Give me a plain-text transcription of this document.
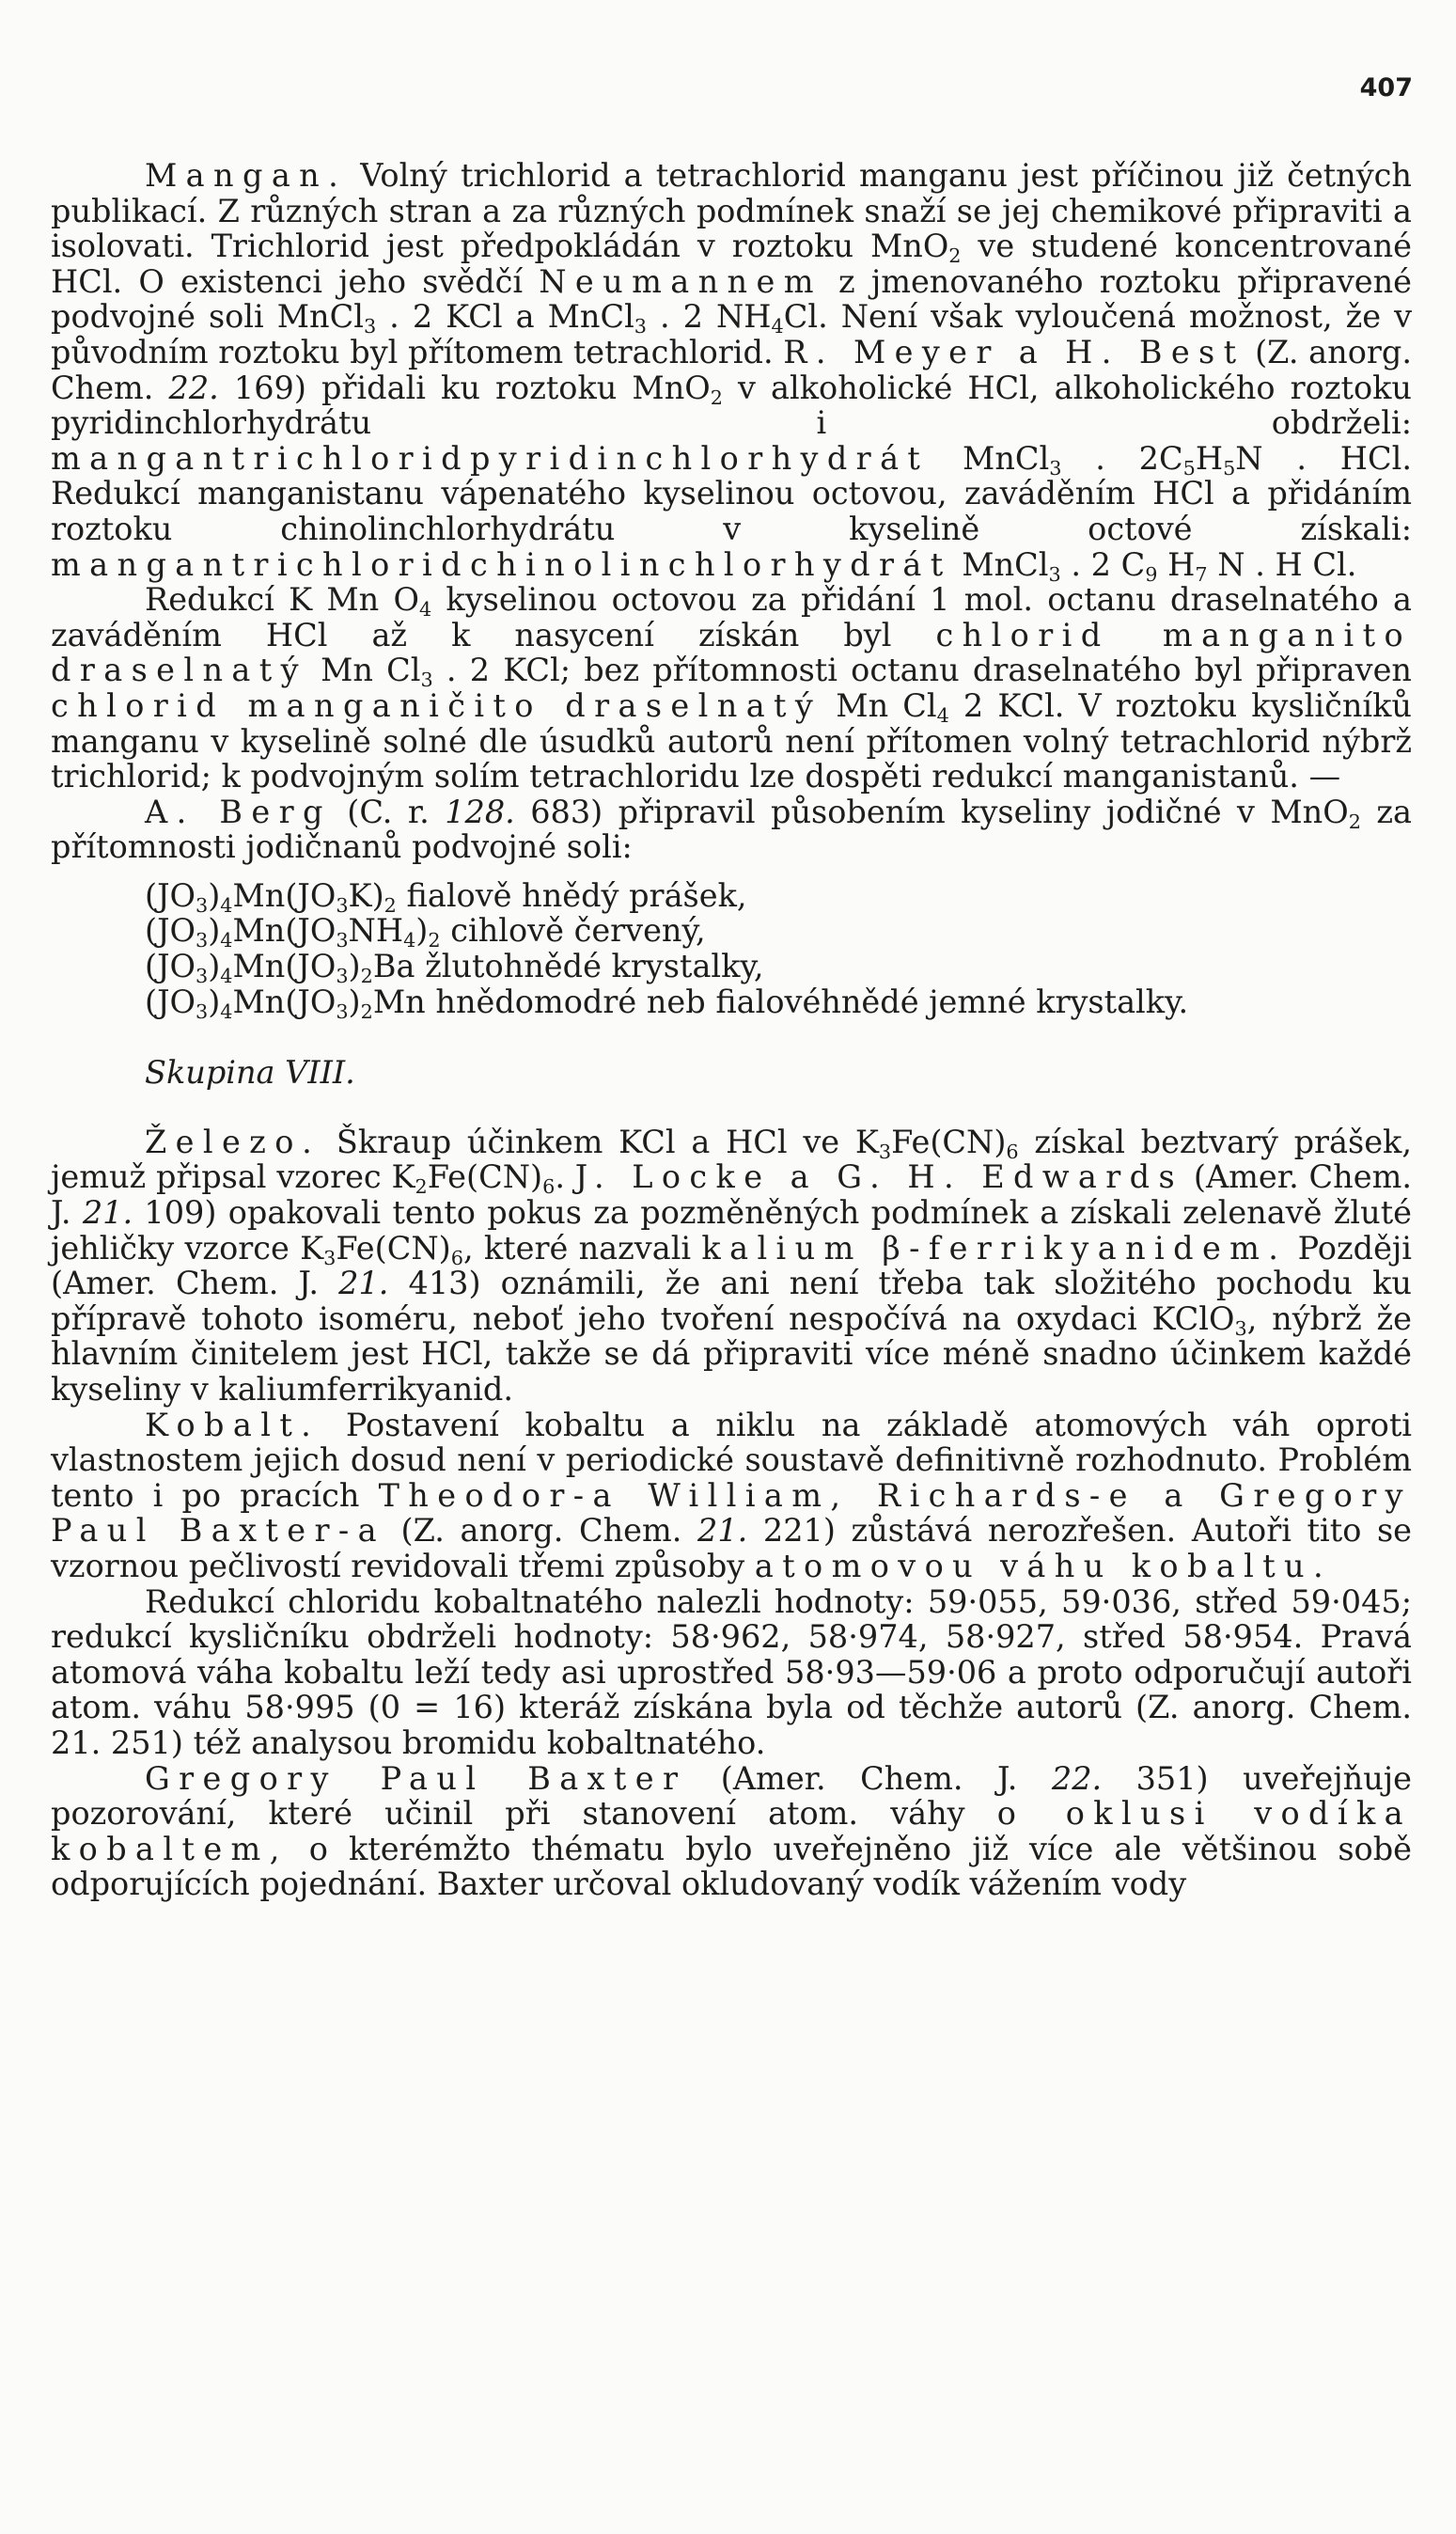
407

Mangan. Volný trichlorid a tetrachlorid manganu jest příčinou již četných publikací. Z různých stran a za různých podmínek snaží se jej chemikové připraviti a isolovati. Trichlorid jest předpokládán v roztoku MnO$_2$ ve studené koncentrované HCl. O existenci jeho svědčí Neumannem z jmenovaného roztoku připravené podvojné soli MnCl$_3$ . 2 KCl a MnCl$_3$ . 2 $NH_4Cl$. Není však vyloučená možnost, že v původním roztoku byl přítomem tetrachlorid. R. Meyer a H. Best (Z. anorg. Chem. 22. 169) přidali ku roztoku MnO$_2$ v alkoholické HCl, alkoholického roztoku pyridinchlorhydrátu i obdrželi: mangantrichloridpyridinchlorhydrát MnCl$_3$ . $2C_5H_5N$ . HCl. Redukcí manganistanu vápenatého kyselinou octovou, zaváděním HCl a přidáním roztoku chinolinchlorhydrátu v kyselině octové získali: mangantrichloridchinolinchlorhydrát MnCl$_3$ . 2 $C_9$ $H_7$ N . H Cl.

Redukcí K Mn $O_4$ kyselinou octovou za přidání 1 mol. octanu draselnatého a zaváděním HCl až k nasycení získán byl chlorid manganito draselnatý Mn $Cl_3$ . 2 KCl; bez přítomnosti octanu draselnatého byl připraven chlorid manganičito draselnatý Mn $Cl_4$ 2 KCl. V roztoku kysličníků manganu v kyselině solné dle úsudků autorů není přítomen volný tetrachlorid nýbrž trichlorid; k podvojným solím tetrachloridu lze dospěti redukcí manganistanů. —

A. Berg (C. r. 128. 683) připravil působením kyseliny jodičné v MnO$_2$ za přítomnosti jodičnanů podvojné soli:

$(JO_3)_4Mn(JO_3K)_2$ fialově hnědý prášek,

$(JO_3)_4Mn(JO_3NH_4)_2$ cihlově červený,

$(JO_3)_4Mn(JO_3)_2Ba$ žlutohnědé krystalky,

$(JO_3)_4Mn(JO_3)_2Mn$ hnědomodré neb fialovéhnědé jemné krystalky.

Skupina VIII.

Železo. Škraup účinkem KCl a HCl ve $K_3Fe(CN)_6$ získal beztvarý prášek, jemuž připsal vzorec $K_2Fe(CN)_6$. J. Locke a G. H. Edwards (Amer. Chem. J. 21. 109) opakovali tento pokus za pozměněných podmínek a získali zelenavě žluté jehličky vzorce $K_3Fe(CN)_6$, které nazvali kalium β-ferrikyanidem. Později (Amer. Chem. J. 21. 413) oznámili, že ani není třeba tak složitého pochodu ku přípravě tohoto isoméru, neboť jeho tvoření nespočívá na oxydaci KClO$_3$, nýbrž že hlavním činitelem jest HCl, takže se dá připraviti více méně snadno účinkem každé kyseliny v kaliumferrikyanid.

Kobalt. Postavení kobaltu a niklu na základě atomových váh oproti vlastnostem jejich dosud není v periodické soustavě definitivně rozhodnuto. Problém tento i po pracích Theodor-a William, Richards-e a Gregory Paul Baxter-a (Z. anorg. Chem. 21. 221) zůstává nerozřešen. Autoři tito se vzornou pečlivostí revidovali třemi způsoby atomovou váhu kobaltu.

Redukcí chloridu kobaltnatého nalezli hodnoty: 59·055, 59·036, střed 59·045; redukcí kysličníku obdrželi hodnoty: 58·962, 58·974, 58·927, střed 58·954. Pravá atomová váha kobaltu leží tedy asi uprostřed 58·93—59·06 a proto odporučují autoři atom. váhu 58·995 (0 = 16) kteráž získána byla od těchže autorů (Z. anorg. Chem. 21. 251) též analysou bromidu kobaltnatého.

Gregory Paul Baxter (Amer. Chem. J. 22. 351) uveřejňuje pozorování, které učinil při stanovení atom. váhy o oklusi vodíka kobaltem, o kterémžto thématu bylo uveřejněno již více ale většinou sobě odporujících pojednání. Baxter určoval okludovaný vodík vážením vody
